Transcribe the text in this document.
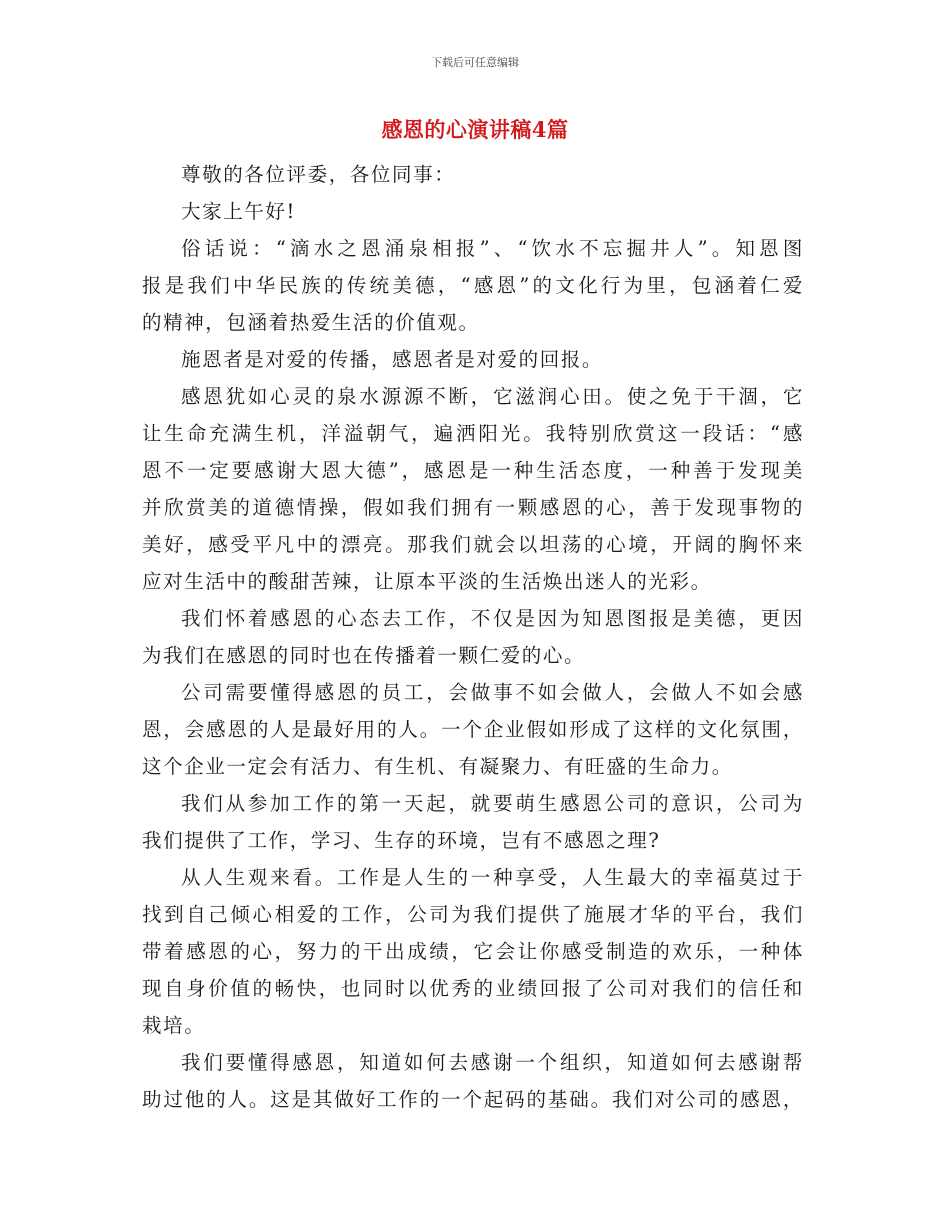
下载后可任意编辑
感恩的心演讲稿4篇
尊敬的各位评委，各位同事：
大家上午好!
俗话说：“滴水之恩涌泉相报”、“饮水不忘掘井人”。知恩图
报是我们中华民族的传统美德，“感恩”的文化行为里，包涵着仁爱
的精神，包涵着热爱生活的价值观。
施恩者是对爱的传播，感恩者是对爱的回报。
感恩犹如心灵的泉水源源不断，它滋润心田。使之免于干涸，它
让生命充满生机，洋溢朝气，遍洒阳光。我特别欣赏这一段话：“感
恩不一定要感谢大恩大德”，感恩是一种生活态度，一种善于发现美
并欣赏美的道德情操，假如我们拥有一颗感恩的心，善于发现事物的
美好，感受平凡中的漂亮。那我们就会以坦荡的心境，开阔的胸怀来
应对生活中的酸甜苦辣，让原本平淡的生活焕出迷人的光彩。
我们怀着感恩的心态去工作，不仅是因为知恩图报是美德，更因
为我们在感恩的同时也在传播着一颗仁爱的心。
公司需要懂得感恩的员工，会做事不如会做人，会做人不如会感
恩，会感恩的人是最好用的人。一个企业假如形成了这样的文化氛围，
这个企业一定会有活力、有生机、有凝聚力、有旺盛的生命力。
我们从参加工作的第一天起，就要萌生感恩公司的意识，公司为
我们提供了工作，学习、生存的环境，岂有不感恩之理?
从人生观来看。工作是人生的一种享受，人生最大的幸福莫过于
找到自己倾心相爱的工作，公司为我们提供了施展才华的平台，我们
带着感恩的心，努力的干出成绩，它会让你感受制造的欢乐，一种体
现自身价值的畅快，也同时以优秀的业绩回报了公司对我们的信任和
栽培。
我们要懂得感恩，知道如何去感谢一个组织，知道如何去感谢帮
助过他的人。这是其做好工作的一个起码的基础。我们对公司的感恩，
